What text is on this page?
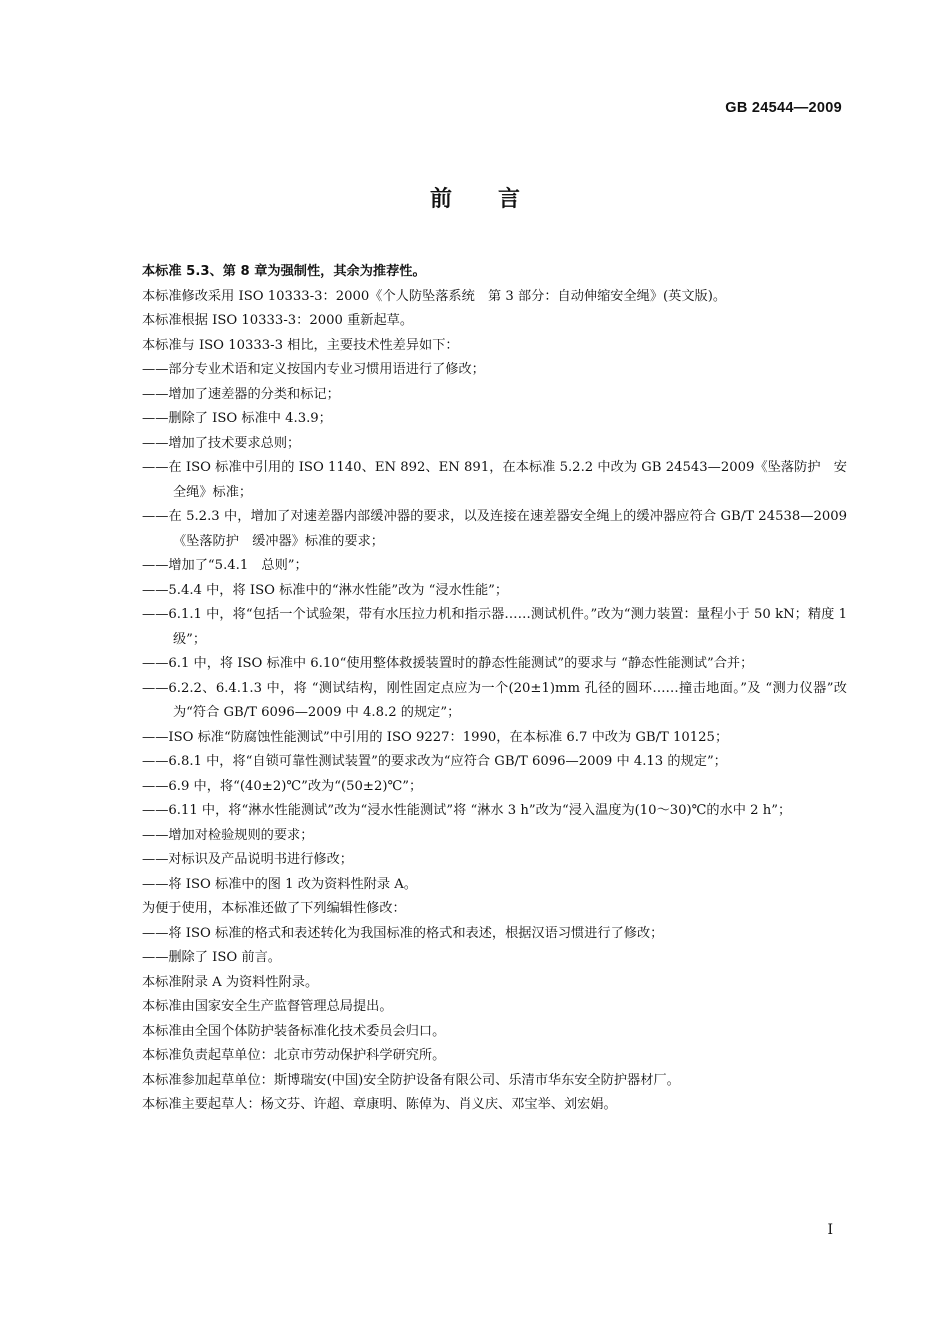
GB 24544—2009
前言

本标准 5.3、第 8 章为强制性，其余为推荐性。

本标准修改采用 ISO 10333-3：2000《个人防坠落系统　第 3 部分：自动伸缩安全绳》(英文版)。

本标准根据 ISO 10333-3：2000 重新起草。

本标准与 ISO 10333-3 相比，主要技术性差异如下：

——部分专业术语和定义按国内专业习惯用语进行了修改；

——增加了速差器的分类和标记；

——删除了 ISO 标准中 4.3.9；

——增加了技术要求总则；

——在 ISO 标准中引用的 ISO 1140、EN 892、EN 891，在本标准 5.2.2 中改为 GB 24543—2009《坠落防护　安全绳》标准；

——在 5.2.3 中，增加了对速差器内部缓冲器的要求，以及连接在速差器安全绳上的缓冲器应符合 GB/T 24538—2009《坠落防护　缓冲器》标准的要求；

——增加了“5.4.1　总则”；

——5.4.4 中，将 ISO 标准中的“淋水性能”改为 “浸水性能”；

——6.1.1 中，将“包括一个试验架，带有水压拉力机和指示器……测试机件。”改为“测力装置：量程小于 50 kN；精度 1 级”；

——6.1 中，将 ISO 标准中 6.10“使用整体救援装置时的静态性能测试”的要求与 “静态性能测试”合并；

——6.2.2、6.4.1.3 中，将 “测试结构，刚性固定点应为一个(20±1)mm 孔径的圆环……撞击地面。”及 “测力仪器”改为“符合 GB/T 6096—2009 中 4.8.2 的规定”；

——ISO 标准“防腐蚀性能测试”中引用的 ISO 9227：1990，在本标准 6.7 中改为 GB/T 10125；

——6.8.1 中，将“自锁可靠性测试装置”的要求改为“应符合 GB/T 6096—2009 中 4.13 的规定”；

——6.9 中，将“(40±2)℃”改为“(50±2)℃”；

——6.11 中，将“淋水性能测试”改为“浸水性能测试”将 “淋水 3 h”改为“浸入温度为(10～30)℃的水中 2 h”；

——增加对检验规则的要求；

——对标识及产品说明书进行修改；

——将 ISO 标准中的图 1 改为资料性附录 A。

为便于使用，本标准还做了下列编辑性修改：

——将 ISO 标准的格式和表述转化为我国标准的格式和表述，根据汉语习惯进行了修改；

——删除了 ISO 前言。

本标准附录 A 为资料性附录。

本标准由国家安全生产监督管理总局提出。

本标准由全国个体防护装备标准化技术委员会归口。

本标准负责起草单位：北京市劳动保护科学研究所。

本标准参加起草单位：斯博瑞安(中国)安全防护设备有限公司、乐清市华东安全防护器材厂。

本标准主要起草人：杨文芬、许超、章康明、陈倬为、肖义庆、邓宝举、刘宏娟。

I
